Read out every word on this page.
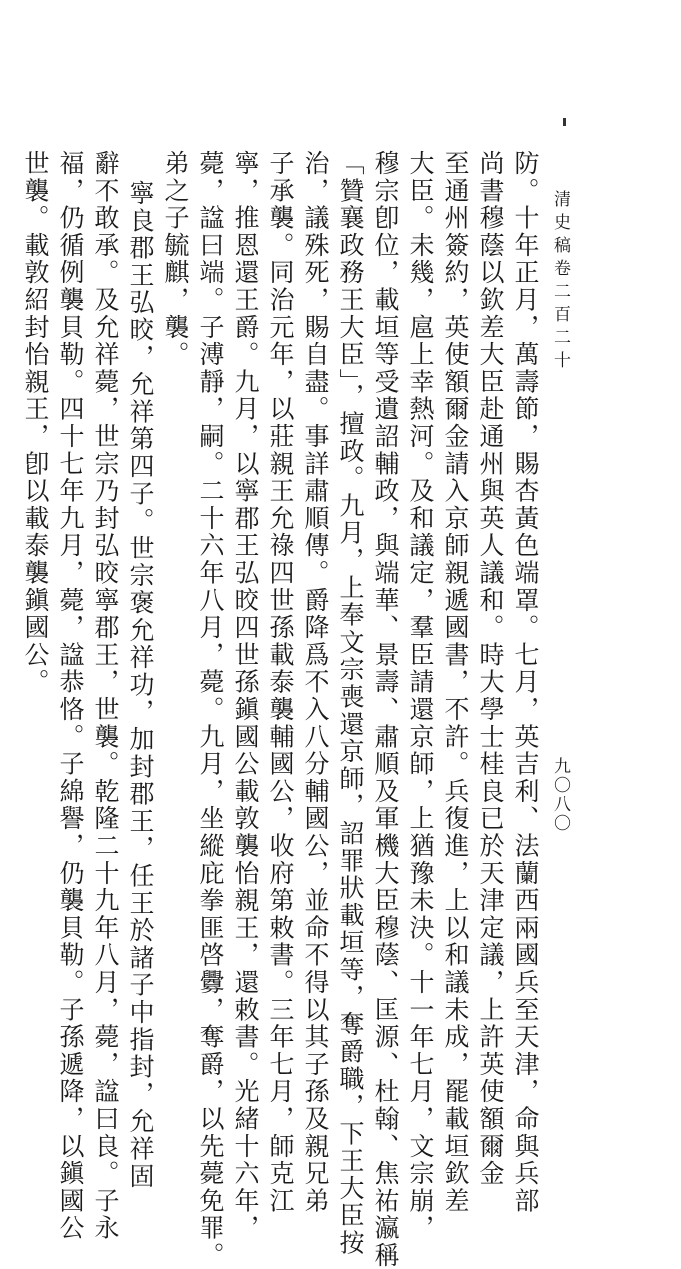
清史稿卷二百二十
九〇八〇
防。十年正月，萬壽節，賜杏黃色端罩。七月，英吉利、法蘭西兩國兵至天津，命與兵部
尚書穆蔭以欽差大臣赴通州與英人議和。時大學士桂良已於天津定議，上許英使額爾金
至通州簽約，英使額爾金請入京師親遞國書，不許。兵復進，上以和議未成，罷載垣欽差
大臣。未幾，扈上幸熱河。及和議定，羣臣請還京師，上猶豫未決。十一年七月，文宗崩，
穆宗卽位，載垣等受遺詔輔政，與端華、景壽、肅順及軍機大臣穆蔭、匡源、杜翰、焦祐瀛稱
「贊襄政務王大臣」，擅政。九月，上奉文宗喪還京師，詔罪狀載垣等，奪爵職，下王大臣按
治，議殊死，賜自盡。事詳肅順傳。爵降爲不入八分輔國公，並命不得以其子孫及親兄弟
子承襲。同治元年，以莊親王允祿四世孫載泰襲輔國公，收府第敕書。三年七月，師克江
寧，推恩還王爵。九月，以寧郡王弘晈四世孫鎭國公載敦襲怡親王，還敕書。光緒十六年，
薨，諡曰端。子溥靜，嗣。二十六年八月，薨。九月，坐縱庇拳匪啓釁，奪爵，以先薨免罪。
弟之子毓麒，襲。
寧良郡王弘晈，允祥第四子。世宗褒允祥功，加封郡王，任王於諸子中指封，允祥固
辭不敢承。及允祥薨，世宗乃封弘晈寧郡王，世襲。乾隆二十九年八月，薨，諡曰良。子永
福，仍循例襲貝勒。四十七年九月，薨，諡恭恪。子綿譽，仍襲貝勒。子孫遞降，以鎭國公
世襲。載敦紹封怡親王，卽以載泰襲鎭國公。
